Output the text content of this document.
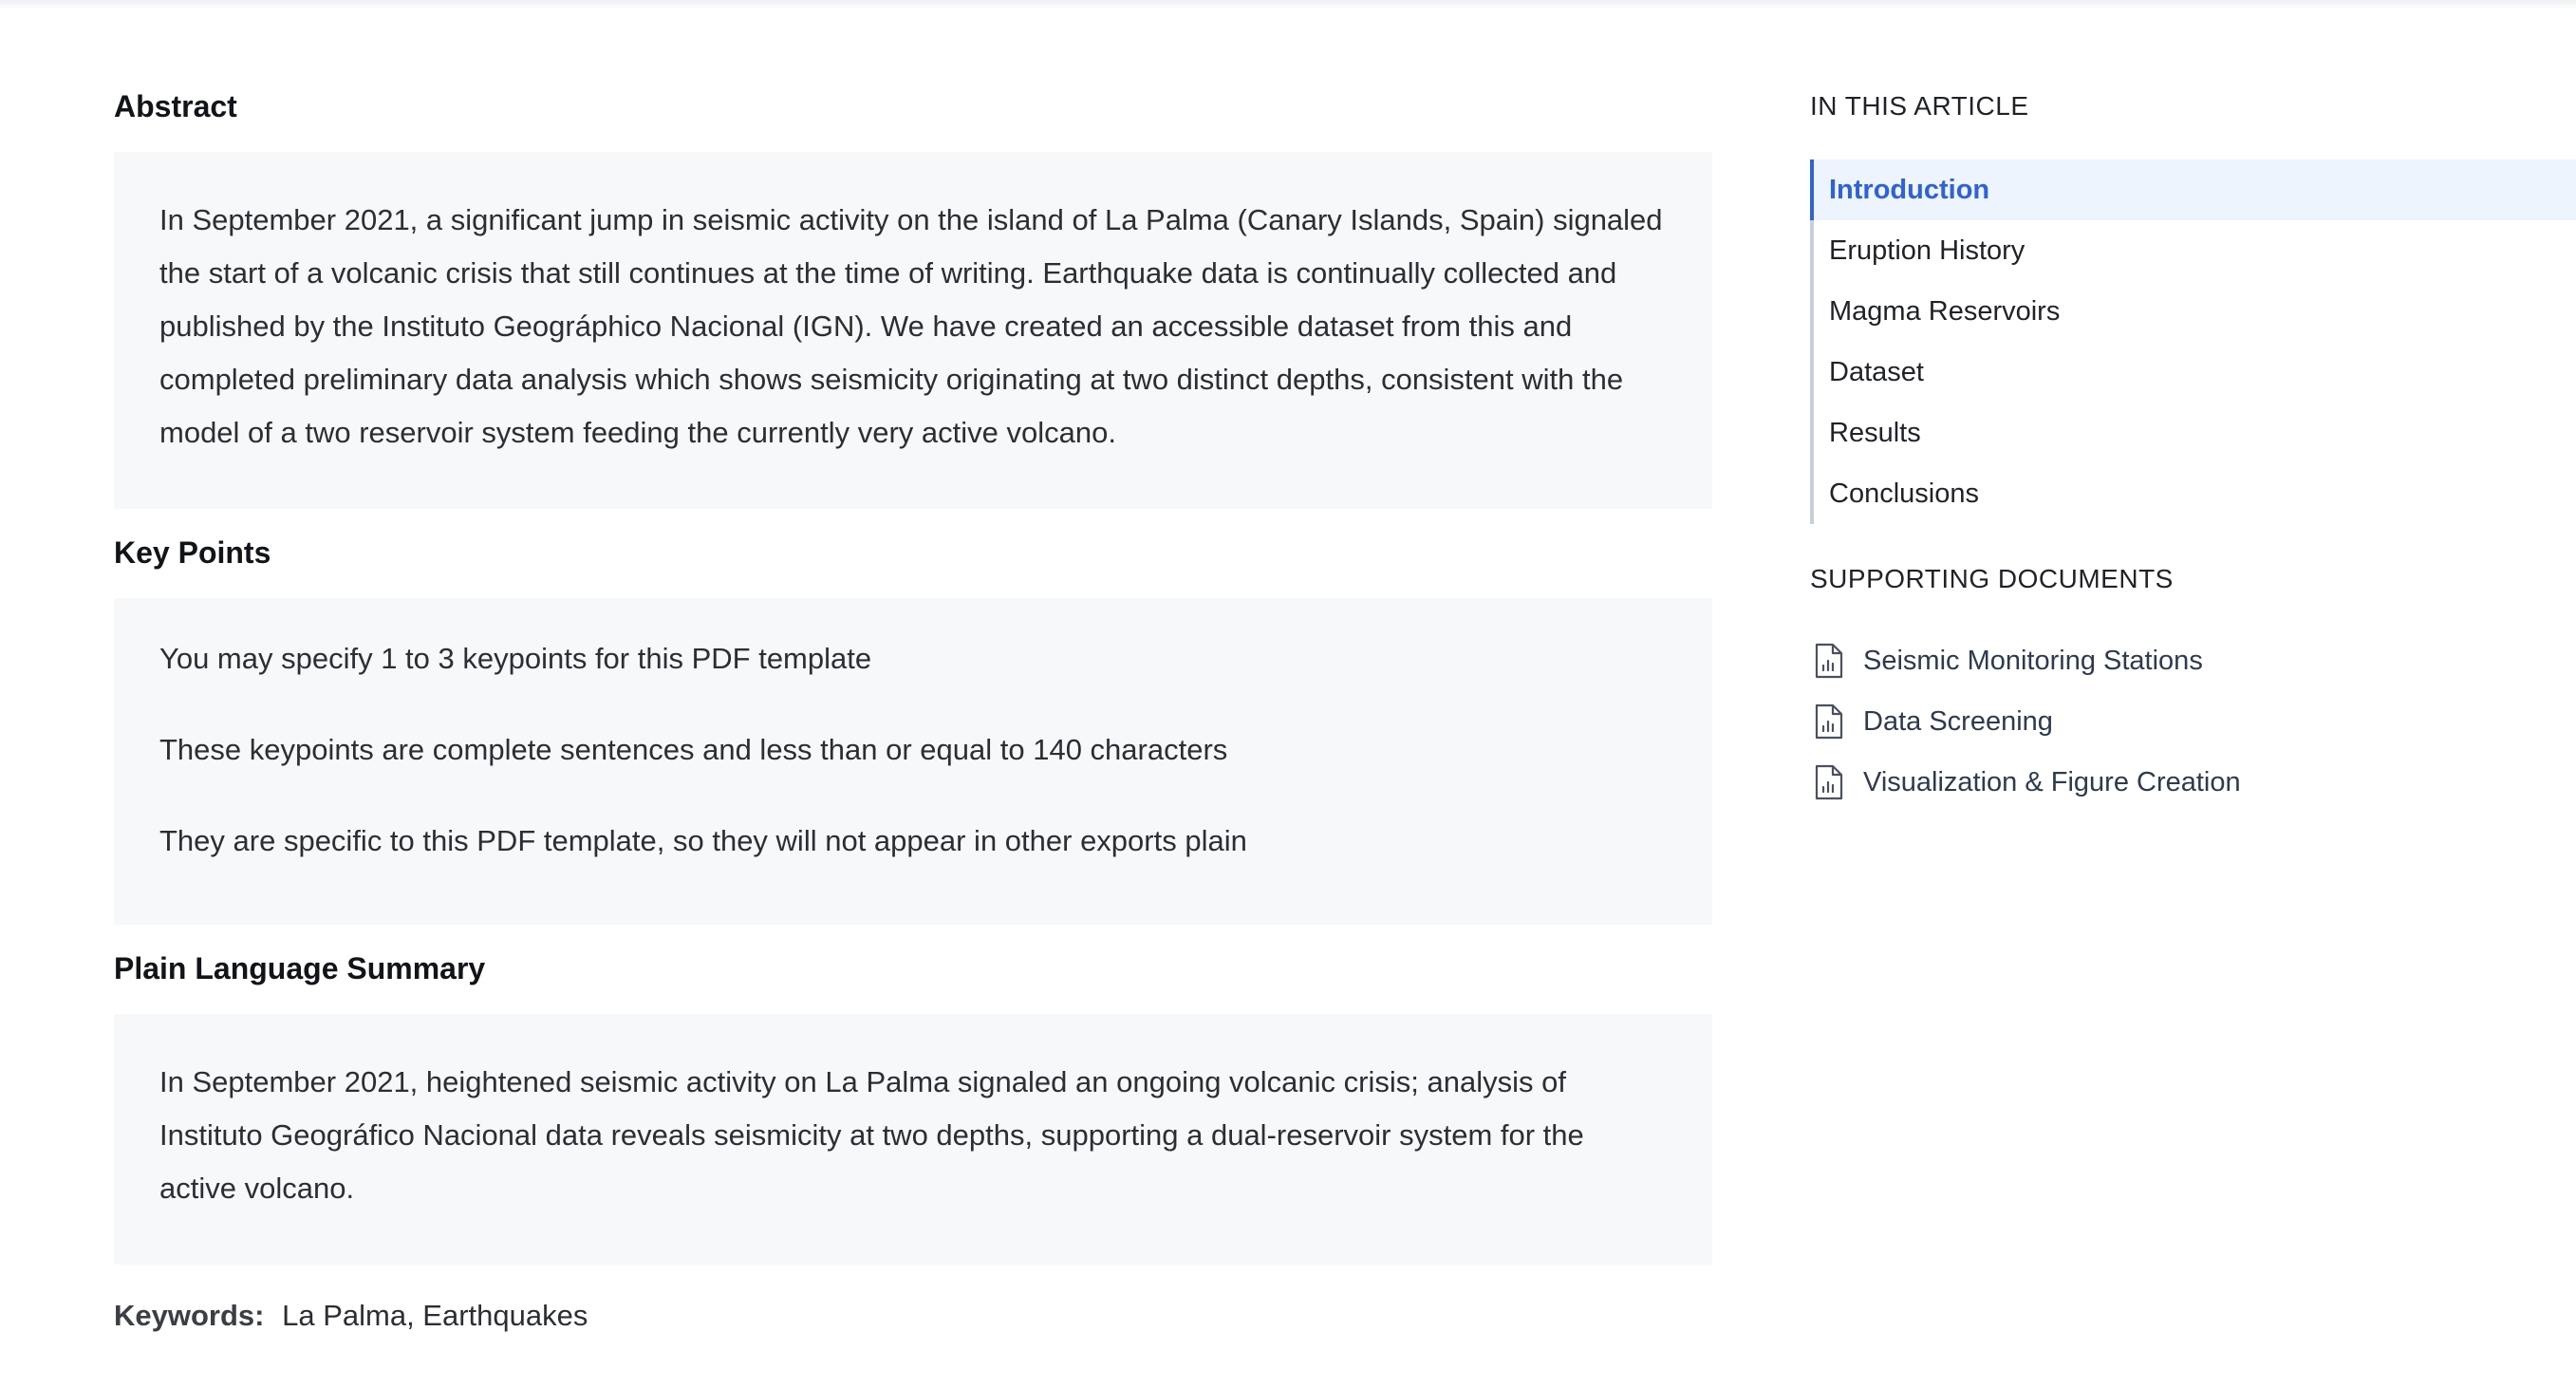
Abstract
In September 2021, a significant jump in seismic activity on the island of La Palma (Canary Islands, Spain) signaled the start of a volcanic crisis that still continues at the time of writing. Earthquake data is continually collected and published by the Instituto Geográphico Nacional (IGN). We have created an accessible dataset from this and completed preliminary data analysis which shows seismicity originating at two distinct depths, consistent with the model of a two reservoir system feeding the currently very active volcano.
Key Points
You may specify 1 to 3 keypoints for this PDF template
These keypoints are complete sentences and less than or equal to 140 characters
They are specific to this PDF template, so they will not appear in other exports plain
Plain Language Summary
In September 2021, heightened seismic activity on La Palma signaled an ongoing volcanic crisis; analysis of Instituto Geográfico Nacional data reveals seismicity at two depths, supporting a dual-reservoir system for the active volcano.
Keywords: La Palma, Earthquakes
IN THIS ARTICLE
Introduction
Eruption History
Magma Reservoirs
Dataset
Results
Conclusions
SUPPORTING DOCUMENTS
Seismic Monitoring Stations
Data Screening
Visualization & Figure Creation
